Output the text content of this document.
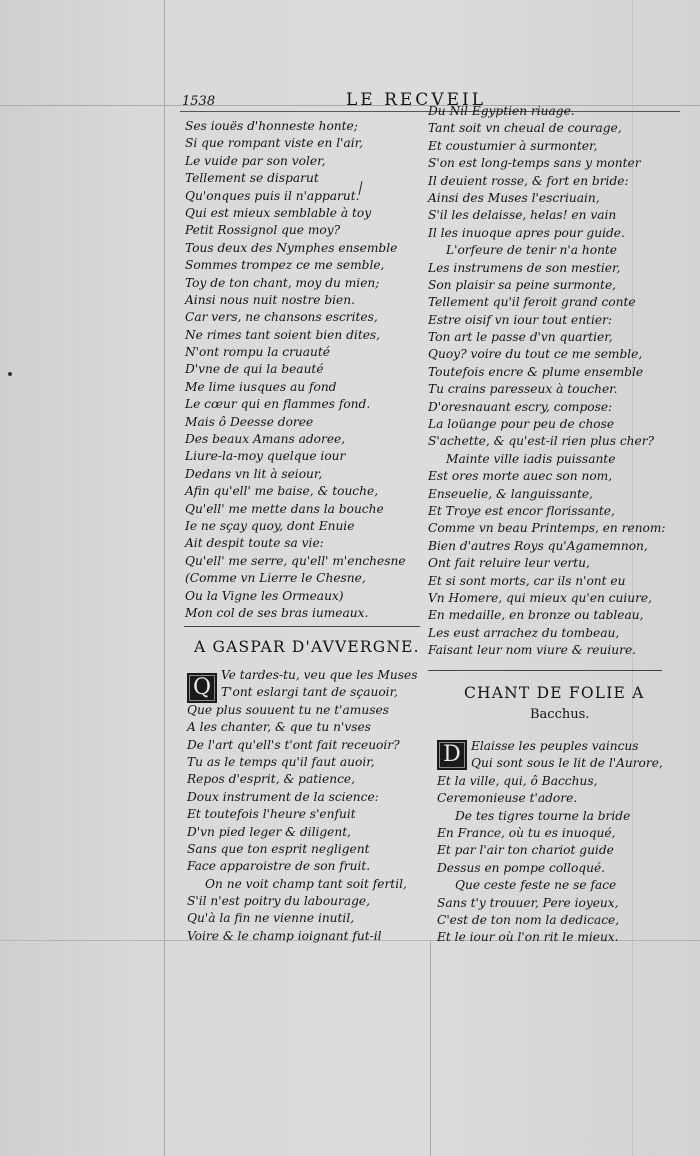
1538	LE RECVEIL
Ses iouës d'honneste honte;
Si que rompant viste en l'air,
Le vuide par son voler,
Tellement se disparut
Qu'onques puis il n'apparut.
Qui est mieux semblable à toy
Petit Rossignol que moy?
Tous deux des Nymphes ensemble
Sommes trompez ce me semble,
Toy de ton chant, moy du mien;
Ainsi nous nuit nostre bien.
Car vers, ne chansons escrites,
Ne rimes tant soient bien dites,
N'ont rompu la cruauté
D'vne de qui la beauté
Me lime iusques au fond
Le cœur qui en flammes fond.
Mais ô Deesse doree
Des beaux Amans adoree,
Liure-la-moy quelque iour
Dedans vn lit à seiour,
Afin qu'ell' me baise, & touche,
Qu'ell' me mette dans la bouche
Ie ne sçay quoy, dont Enuie
Ait despit toute sa vie:
Qu'ell' me serre, qu'ell' m'enchesne
(Comme vn Lierre le Chesne,
Ou la Vigne les Ormeaux)
Mon col de ses bras iumeaux.
A GASPAR D'AVVERGNE.
Q Ve tardes-tu, veu que les Muses
T'ont eslargi tant de sçauoir,
Que plus souuent tu ne t'amuses
A les chanter, & que tu n'vses
De l'art qu'ell's t'ont fait receuoir?
Tu as le temps qu'il faut auoir,
Repos d'esprit, & patience,
Doux instrument de la science:
Et toutefois l'heure s'enfuit
D'vn pied leger & diligent,
Sans que ton esprit negligent
Face apparoistre de son fruit.
On ne voit champ tant soit fertil,
S'il n'est poitry du labourage,
Qu'à la fin ne vienne inutil,
Voire & le champ ioignant fut-il
Du Nil Egyptien riuage.
Tant soit vn cheual de courage,
Et coustumier à surmonter,
S'on est long-temps sans y monter
Il deuient rosse, & fort en bride:
Ainsi des Muses l'escriuain,
S'il les delaisse, helas! en vain
Il les inuoque apres pour guide.
L'orfeure de tenir n'a honte
Les instrumens de son mestier,
Son plaisir sa peine surmonte,
Tellement qu'il feroit grand conte
Estre oisif vn iour tout entier:
Ton art le passe d'vn quartier,
Quoy? voire du tout ce me semble,
Toutefois encre & plume ensemble
Tu crains paresseux à toucher.
D'oresnauant escry, compose:
La loüange pour peu de chose
S'achette, & qu'est-il rien plus cher?
Mainte ville iadis puissante
Est ores morte auec son nom,
Enseuelie, & languissante,
Et Troye est encor florissante,
Comme vn beau Printemps, en renom:
Bien d'autres Roys qu'Agamemnon,
Ont fait reluire leur vertu,
Et si sont morts, car ils n'ont eu
Vn Homere, qui mieux qu'en cuiure,
En medaille, en bronze ou tableau,
Les eust arrachez du tombeau,
Faisant leur nom viure & reuiure.
CHANT DE FOLIE A
Bacchus.
D Elaisse les peuples vaincus
Qui sont sous le lit de l'Aurore,
Et la ville, qui, ô Bacchus,
Ceremonieuse t'adore.
De tes tigres tourne la bride
En France, où tu es inuoqué,
Et par l'air ton chariot guide
Dessus en pompe colloqué.
Que ceste feste ne se face
Sans t'y trouuer, Pere ioyeux,
C'est de ton nom la dedicace,
Et le iour où l'on rit le mieux.
